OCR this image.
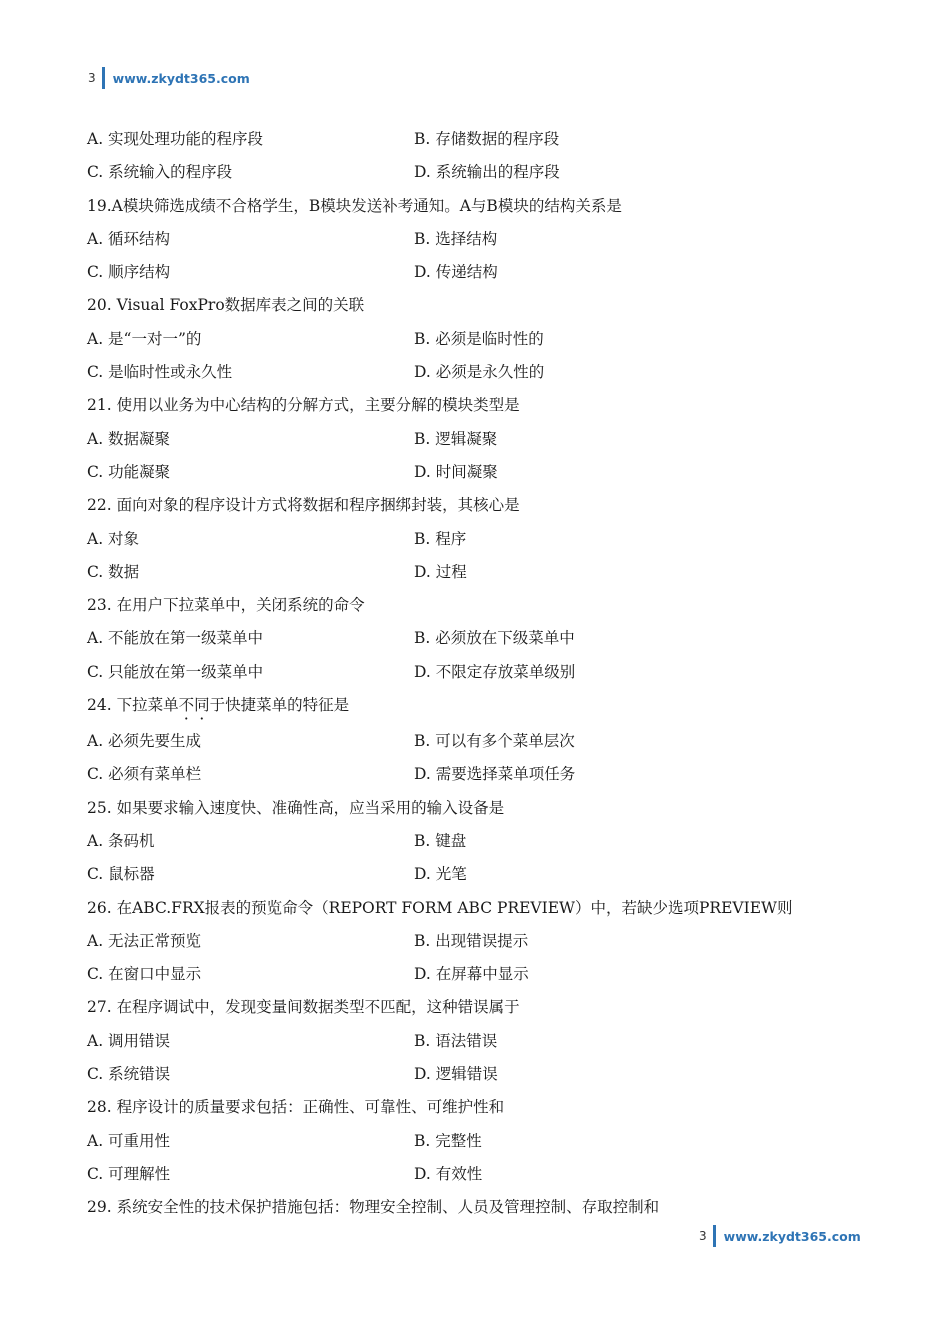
3 www.zkydt365.com
A. 实现处理功能的程序段	B. 存储数据的程序段
C. 系统输入的程序段	D. 系统输出的程序段
19.A模块筛选成绩不合格学生，B模块发送补考通知。A与B模块的结构关系是
A. 循环结构	B. 选择结构
C. 顺序结构	D. 传递结构
20. Visual FoxPro数据库表之间的关联
A. 是“一对一”的	B. 必须是临时性的
C. 是临时性或永久性	D. 必须是永久性的
21. 使用以业务为中心结构的分解方式，主要分解的模块类型是
A. 数据凝聚	B. 逻辑凝聚
C. 功能凝聚	D. 时间凝聚
22. 面向对象的程序设计方式将数据和程序捆绑封装，其核心是
A. 对象	B. 程序
C. 数据	D. 过程
23. 在用户下拉菜单中，关闭系统的命令
A. 不能放在第一级菜单中	B. 必须放在下级菜单中
C. 只能放在第一级菜单中	D. 不限定存放菜单级别
24. 下拉菜单不同于快捷菜单的特征是
A. 必须先要生成	B. 可以有多个菜单层次
C. 必须有菜单栏	D. 需要选择菜单项任务
25. 如果要求输入速度快、准确性高，应当采用的输入设备是
A. 条码机	B. 键盘
C. 鼠标器	D. 光笔
26. 在ABC.FRX报表的预览命令（REPORT FORM ABC PREVIEW）中，若缺少选项PREVIEW则
A. 无法正常预览	B. 出现错误提示
C. 在窗口中显示	D. 在屏幕中显示
27. 在程序调试中，发现变量间数据类型不匹配，这种错误属于
A. 调用错误	B. 语法错误
C. 系统错误	D. 逻辑错误
28. 程序设计的质量要求包括：正确性、可靠性、可维护性和
A. 可重用性	B. 完整性
C. 可理解性	D. 有效性
29. 系统安全性的技术保护措施包括：物理安全控制、人员及管理控制、存取控制和
3 www.zkydt365.com
